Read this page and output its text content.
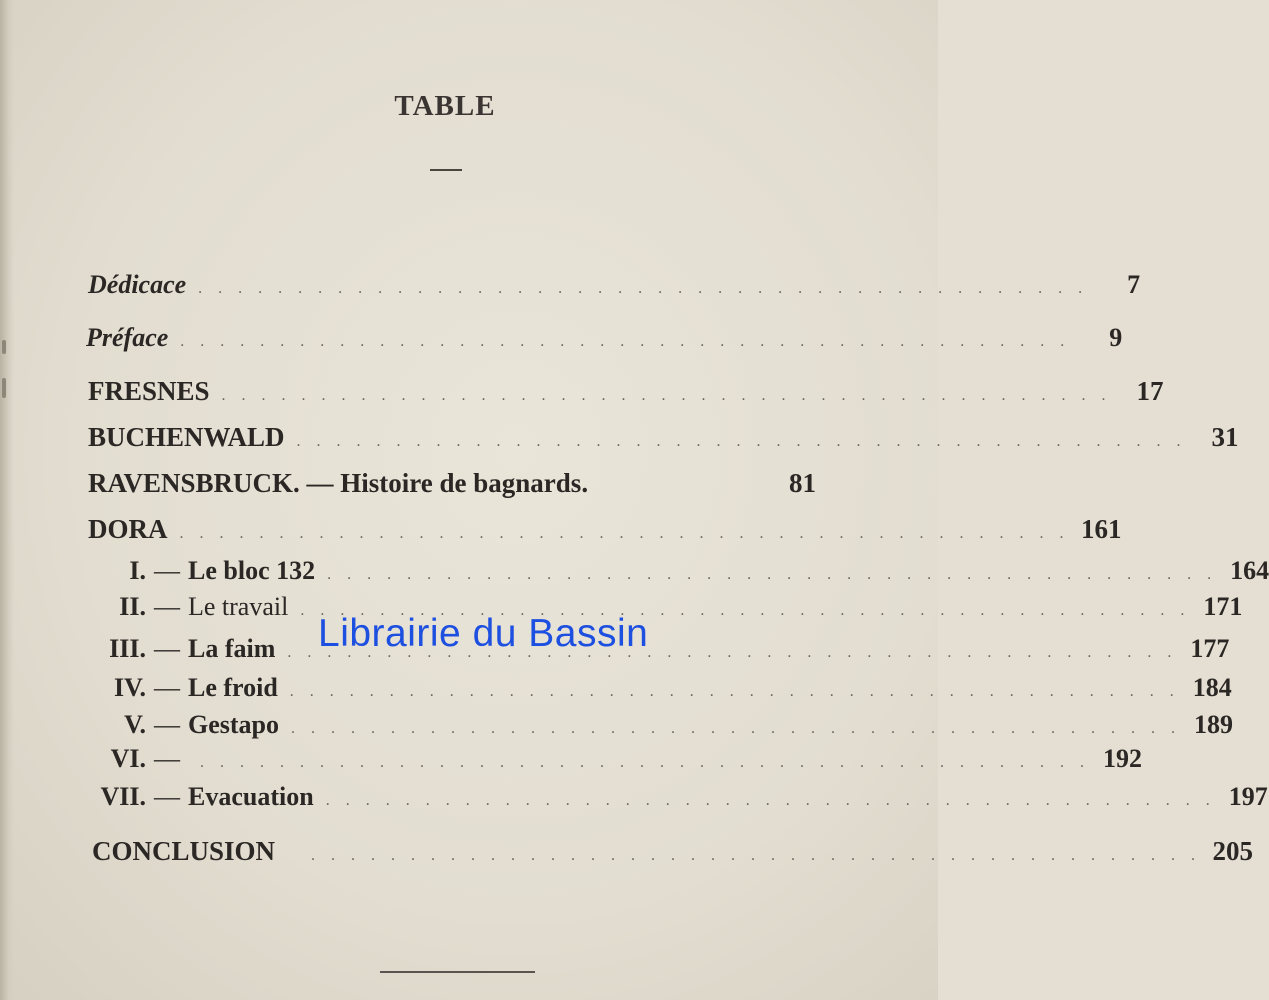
TABLE
Dédicace . . . . . . . . . . . . . . . . . . . . . . . . . . . . . . . . . . . . . . . . . . . . .	7
Préface . . . . . . . . . . . . . . . . . . . . . . . . . . . . . . . . . . . . . . . . . . . . .	9
FRESNES . . . . . . . . . . . . . . . . . . . . . . . . . . . . . . . . . . . . . . . . . . . . . 17
BUCHENWALD . . . . . . . . . . . . . . . . . . . . . . . . . . . . . . . . . . . . . . . . . . . . . 31
RAVENSBRUCK. — Histoire de bagnards.	81
DORA . . . . . . . . . . . . . . . . . . . . . . . . . . . . . . . . . . . . . . . . . . . . . 161
I. — Le bloc 132 . . . . . . . . . . . . . . . . . . . . . . . . . . . . . . . . . . . . . . . . . . . . . 164
II. — Le travail . . . . . . . . . . . . . . . . . . . . . . . . . . . . . . . . . . . . . . . . . . . . . 171
III. — La faim . . . . . . . . . . . . . . . . . . . . . . . . . . . . . . . . . . . . . . . . . . . . . 177
IV. — Le froid . . . . . . . . . . . . . . . . . . . . . . . . . . . . . . . . . . . . . . . . . . . . . 184
V. — Gestapo . . . . . . . . . . . . . . . . . . . . . . . . . . . . . . . . . . . . . . . . . . . . . 189
VI. —	. . . . . . . . . . . . . . . . . . . . . . . . . . . . . . . . . . . . . . . . . . . . . 192
VII. — Evacuation . . . . . . . . . . . . . . . . . . . . . . . . . . . . . . . . . . . . . . . . . . . . . 197
CONCLUSION . . . . . . . . . . . . . . . . . . . . . . . . . . . . . . . . . . . . . . . . . . . . . 205
Librairie du Bassin
